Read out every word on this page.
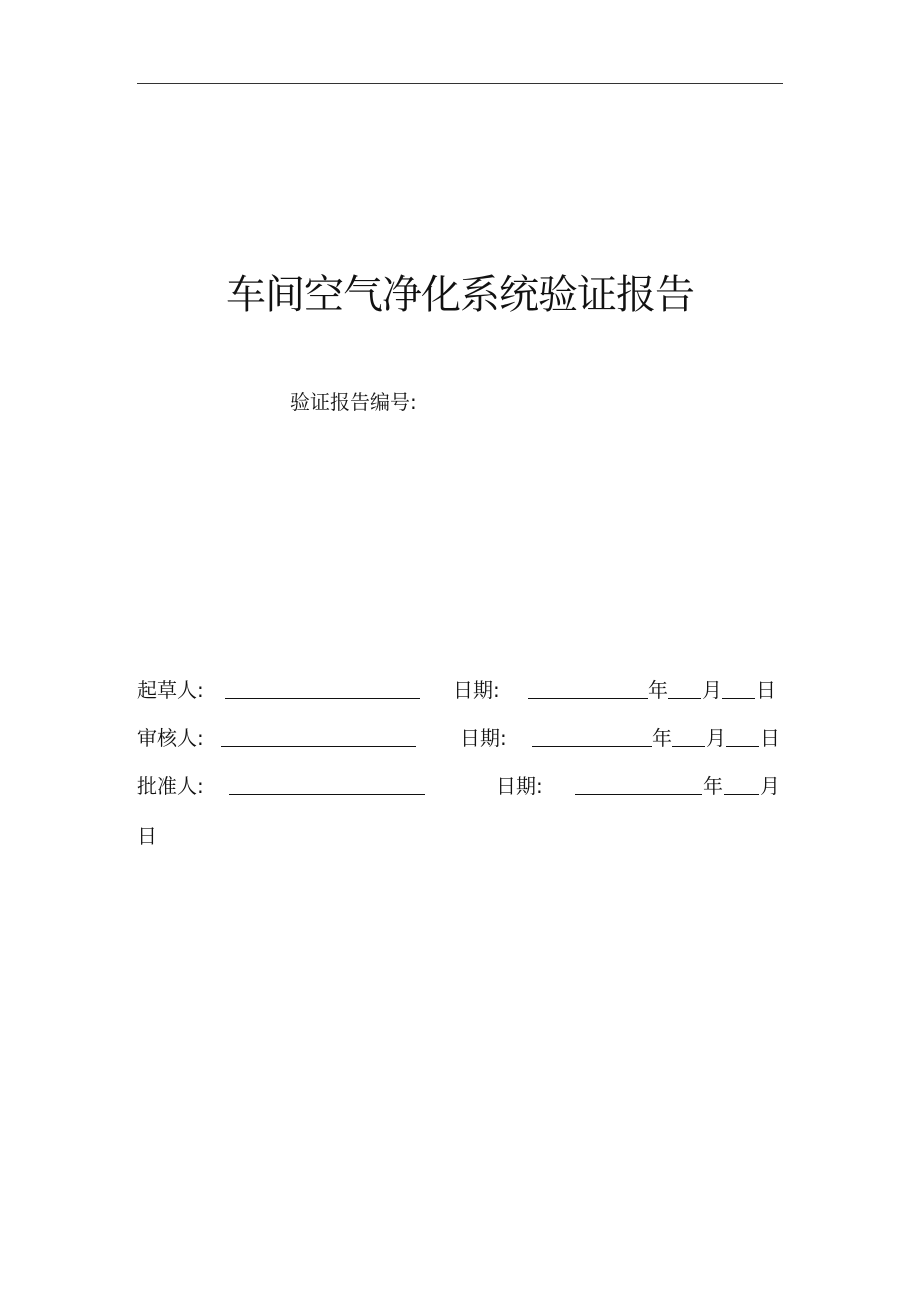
车间空气净化系统验证报告
验证报告编号:
起草人:	日期:	年 月 日
审核人:	日期:	年 月 日
批准人:	日期:	年 月
日
